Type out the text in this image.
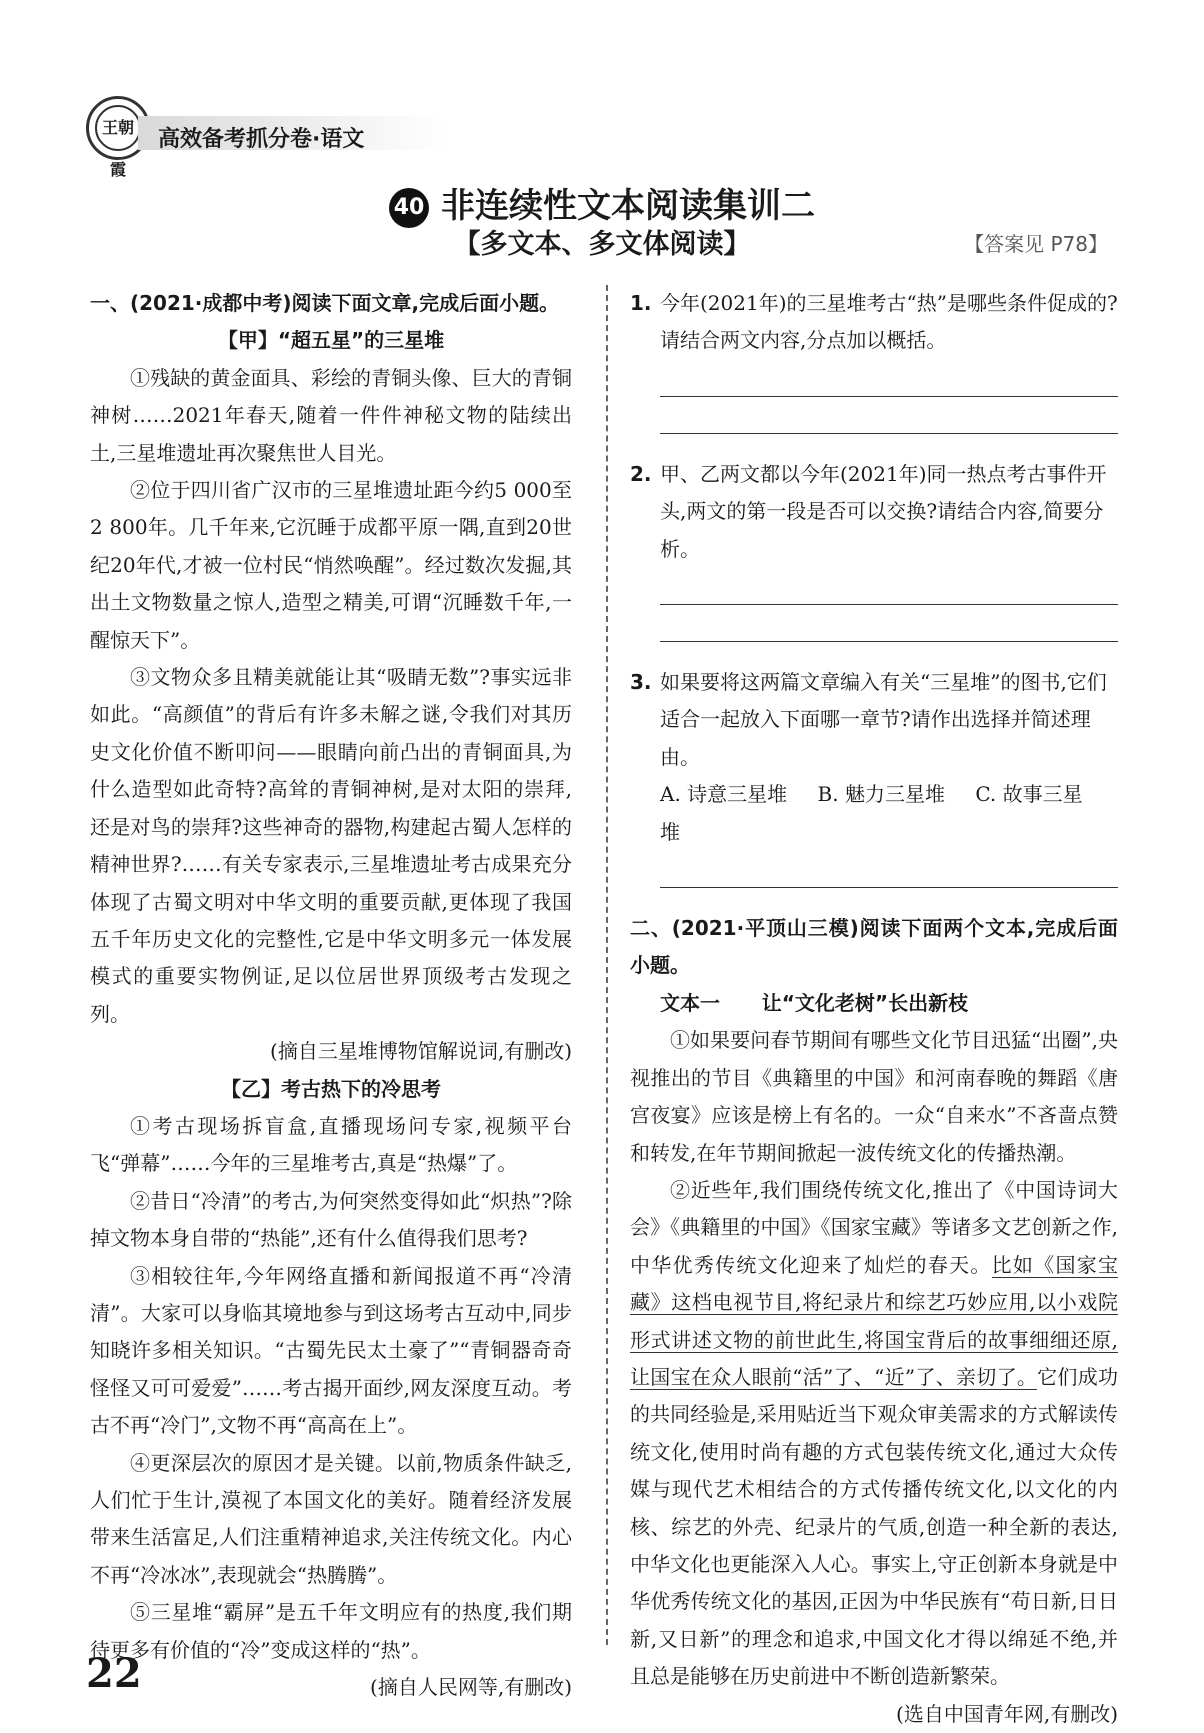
王朝霞
高效备考抓分卷·语文
40 非连续性文本阅读集训二
【多文本、多文体阅读】	【答案见 P78】

一、(2021·成都中考)阅读下面文章,完成后面小题。

【甲】“超五星”的三星堆

①残缺的黄金面具、彩绘的青铜头像、巨大的青铜神树……2021年春天,随着一件件神秘文物的陆续出土,三星堆遗址再次聚焦世人目光。

②位于四川省广汉市的三星堆遗址距今约5 000至2 800年。几千年来,它沉睡于成都平原一隅,直到20世纪20年代,才被一位村民“悄然唤醒”。经过数次发掘,其出土文物数量之惊人,造型之精美,可谓“沉睡数千年,一醒惊天下”。

③文物众多且精美就能让其“吸睛无数”?事实远非如此。“高颜值”的背后有许多未解之谜,令我们对其历史文化价值不断叩问——眼睛向前凸出的青铜面具,为什么造型如此奇特?高耸的青铜神树,是对太阳的崇拜,还是对鸟的崇拜?这些神奇的器物,构建起古蜀人怎样的精神世界?……有关专家表示,三星堆遗址考古成果充分体现了古蜀文明对中华文明的重要贡献,更体现了我国五千年历史文化的完整性,它是中华文明多元一体发展模式的重要实物例证,足以位居世界顶级考古发现之列。

(摘自三星堆博物馆解说词,有删改)

【乙】考古热下的冷思考

①考古现场拆盲盒,直播现场问专家,视频平台飞“弹幕”……今年的三星堆考古,真是“热爆”了。

②昔日“冷清”的考古,为何突然变得如此“炽热”?除掉文物本身自带的“热能”,还有什么值得我们思考?

③相较往年,今年网络直播和新闻报道不再“冷清清”。大家可以身临其境地参与到这场考古互动中,同步知晓许多相关知识。“古蜀先民太土豪了”“青铜器奇奇怪怪又可可爱爱”……考古揭开面纱,网友深度互动。考古不再“冷门”,文物不再“高高在上”。

④更深层次的原因才是关键。以前,物质条件缺乏,人们忙于生计,漠视了本国文化的美好。随着经济发展带来生活富足,人们注重精神追求,关注传统文化。内心不再“冷冰冰”,表现就会“热腾腾”。

⑤三星堆“霸屏”是五千年文明应有的热度,我们期待更多有价值的“冷”变成这样的“热”。

(摘自人民网等,有删改)

1. 今年(2021年)的三星堆考古“热”是哪些条件促成的?请结合两文内容,分点加以概括。
2. 甲、乙两文都以今年(2021年)同一热点考古事件开头,两文的第一段是否可以交换?请结合内容,简要分析。
3. 如果要将这两篇文章编入有关“三星堆”的图书,它们适合一起放入下面哪一章节?请作出选择并简述理由。
A. 诗意三星堆 B. 魅力三星堆 C. 故事三星堆

二、(2021·平顶山三模)阅读下面两个文本,完成后面小题。

文本一      让“文化老树”长出新枝

①如果要问春节期间有哪些文化节目迅猛“出圈”,央视推出的节目《典籍里的中国》和河南春晚的舞蹈《唐宫夜宴》应该是榜上有名的。一众“自来水”不吝啬点赞和转发,在年节期间掀起一波传统文化的传播热潮。

②近些年,我们围绕传统文化,推出了《中国诗词大会》《典籍里的中国》《国家宝藏》等诸多文艺创新之作,中华优秀传统文化迎来了灿烂的春天。比如《国家宝藏》这档电视节目,将纪录片和综艺巧妙应用,以小戏院形式讲述文物的前世此生,将国宝背后的故事细细还原,让国宝在众人眼前“活”了、“近”了、亲切了。它们成功的共同经验是,采用贴近当下观众审美需求的方式解读传统文化,使用时尚有趣的方式包装传统文化,通过大众传媒与现代艺术相结合的方式传播传统文化,以文化的内核、综艺的外壳、纪录片的气质,创造一种全新的表达,中华文化也更能深入人心。事实上,守正创新本身就是中华优秀传统文化的基因,正因为中华民族有“苟日新,日日新,又日新”的理念和追求,中国文化才得以绵延不绝,并且总是能够在历史前进中不断创造新繁荣。

(选自中国青年网,有删改)

22
